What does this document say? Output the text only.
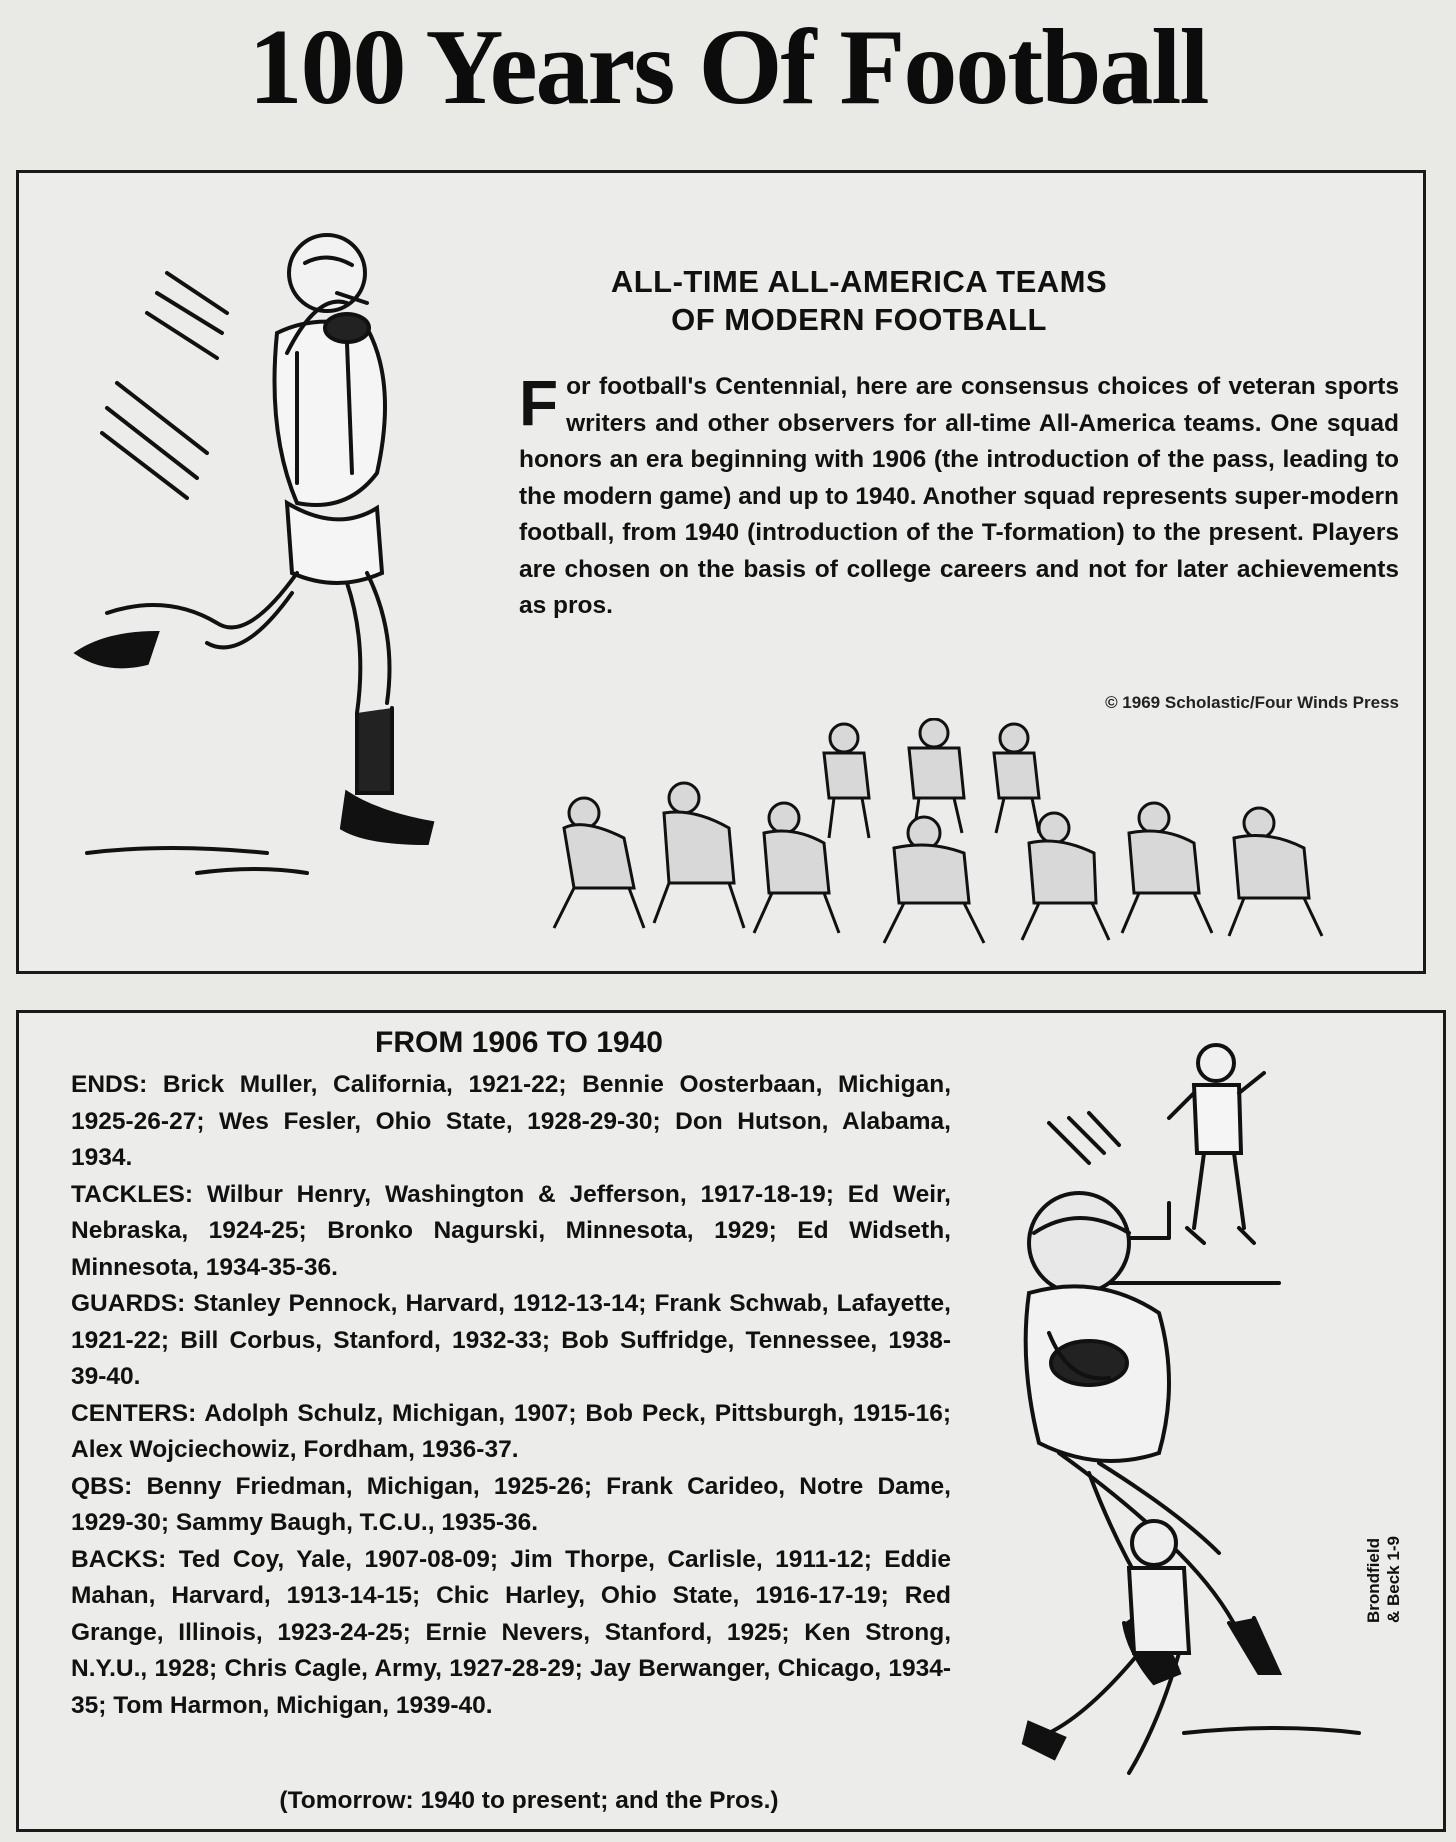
100 Years Of Football
ALL-TIME ALL-AMERICA TEAMS
OF MODERN FOOTBALL
For football's Centennial, here are consensus choices of veteran sports writers and other observers for all-time All-America teams. One squad honors an era beginning with 1906 (the introduction of the pass, leading to the modern game) and up to 1940. Another squad represents super-modern football, from 1940 (introduction of the T-formation) to the present. Players are chosen on the basis of college careers and not for later achievements as pros.
© 1969 Scholastic/Four Winds Press
FROM 1906 TO 1940

ENDS: Brick Muller, California, 1921-22; Bennie Oosterbaan, Michigan, 1925-26-27; Wes Fesler, Ohio State, 1928-29-30; Don Hutson, Alabama, 1934.

TACKLES: Wilbur Henry, Washington & Jefferson, 1917-18-19; Ed Weir, Nebraska, 1924-25; Bronko Nagurski, Minnesota, 1929; Ed Widseth, Minnesota, 1934-35-36.

GUARDS: Stanley Pennock, Harvard, 1912-13-14; Frank Schwab, Lafayette, 1921-22; Bill Corbus, Stanford, 1932-33; Bob Suffridge, Tennessee, 1938-39-40.

CENTERS: Adolph Schulz, Michigan, 1907; Bob Peck, Pittsburgh, 1915-16; Alex Wojciechowiz, Fordham, 1936-37.

QBS: Benny Friedman, Michigan, 1925-26; Frank Carideo, Notre Dame, 1929-30; Sammy Baugh, T.C.U., 1935-36.

BACKS: Ted Coy, Yale, 1907-08-09; Jim Thorpe, Carlisle, 1911-12; Eddie Mahan, Harvard, 1913-14-15; Chic Harley, Ohio State, 1916-17-19; Red Grange, Illinois, 1923-24-25; Ernie Nevers, Stanford, 1925; Ken Strong, N.Y.U., 1928; Chris Cagle, Army, 1927-28-29; Jay Berwanger, Chicago, 1934-35; Tom Harmon, Michigan, 1939-40.

(Tomorrow: 1940 to present; and the Pros.)
Brondfield
& Beck 1-9
